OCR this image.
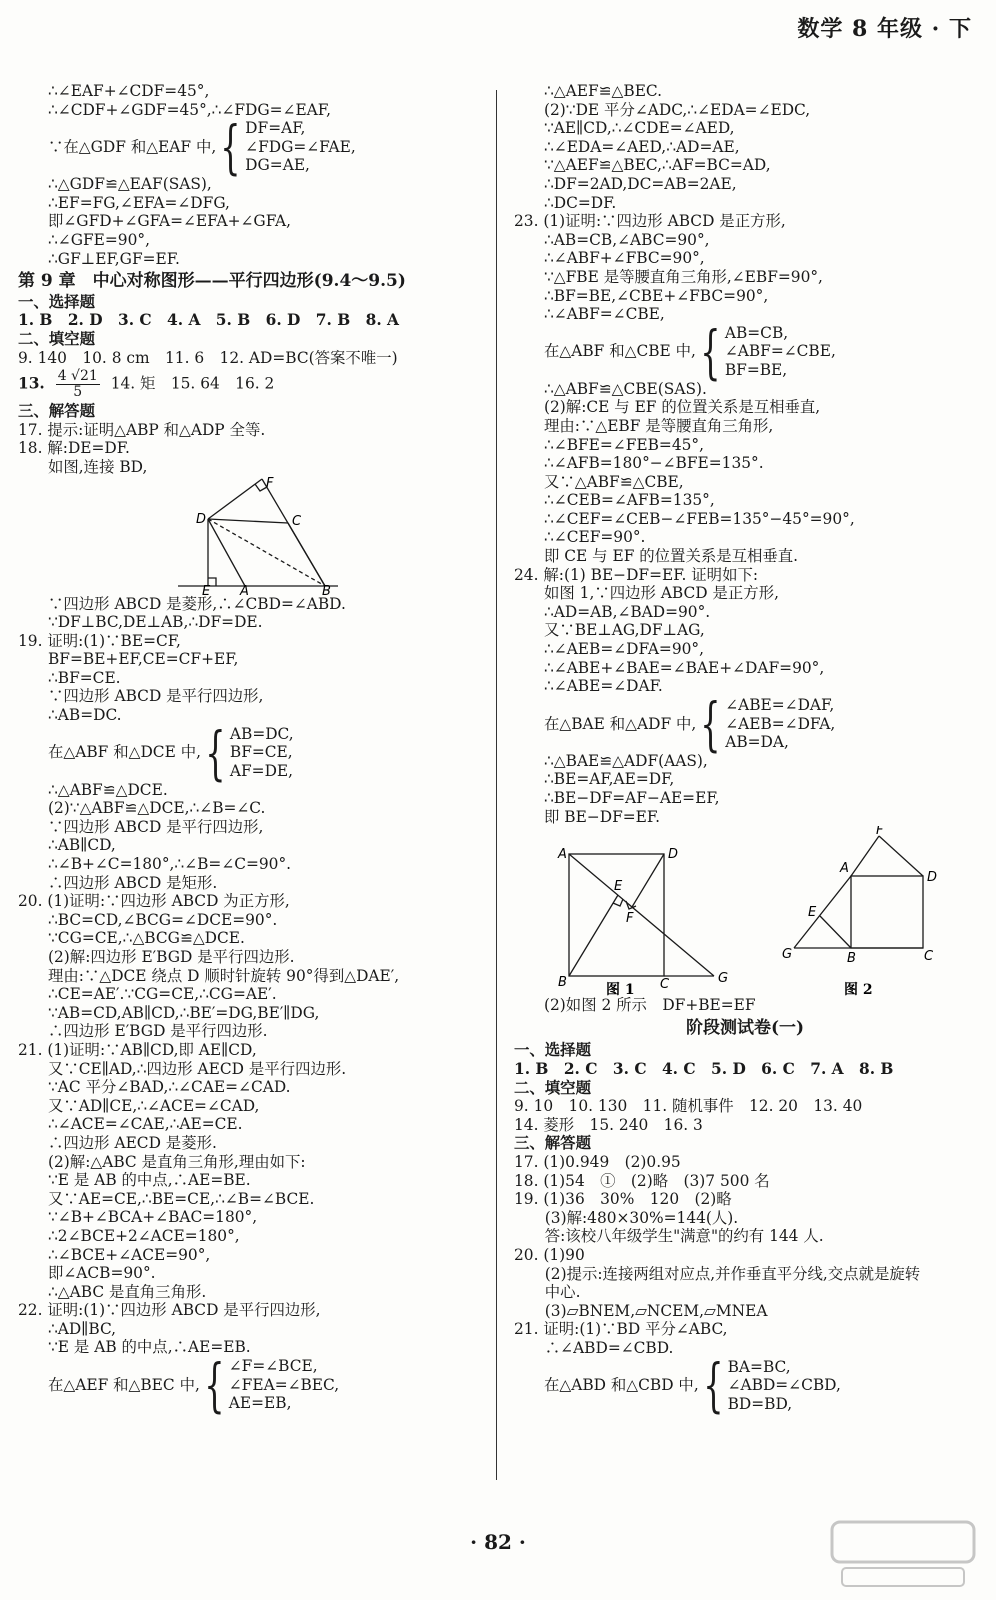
数学 8 年级 · 下
∴∠EAF+∠CDF=45°,
∴∠CDF+∠GDF=45°,∴∠FDG=∠EAF,
∵在△GDF 和△EAF 中, { DF=AF,
∠FDG=∠FAE,
DG=AE,
∴△GDF≌△EAF(SAS),
∴EF=FG,∠EFA=∠DFG,
即∠GFD+∠GFA=∠EFA+∠GFA,
∴∠GFE=90°,
∴GF⊥EF,GF=EF.
第 9 章　中心对称图形——平行四边形(9.4～9.5)
一、选择题
1. B　2. D　3. C　4. A　5. B　6. D　7. B　8. A
二、填空题
9. 140　10. 8 cm　11. 6　12. AD=BC(答案不唯一)
13. $\frac{4 √21}{5} 14$. 矩　15. 64　16. 2
三、解答题
17. 提示:证明△ABP 和△ADP 全等.
18. 解:DE=DF.
如图,连接 BD,
F
D	C
E A	B
∵四边形 ABCD 是菱形,∴∠CBD=∠ABD.
∵DF⊥BC,DE⊥AB,∴DF=DE.
19. 证明:(1)∵BE=CF,
BF=BE+EF,CE=CF+EF,
∴BF=CE.
∵四边形 ABCD 是平行四边形,
∴AB=DC.
在△ABF 和△DCE 中, { AB=DC,
BF=CE,
AF=DE,
∴△ABF≌△DCE.
(2)∵△ABF≌△DCE,∴∠B=∠C.
∵四边形 ABCD 是平行四边形,
∴AB∥CD,
∴∠B+∠C=180°,∴∠B=∠C=90°.
∴四边形 ABCD 是矩形.
20. (1)证明:∵四边形 ABCD 为正方形,
∴BC=CD,∠BCG=∠DCE=90°.
∵CG=CE,∴△BCG≌△DCE.
(2)解:四边形 E′BGD 是平行四边形.
理由:∵△DCE 绕点 D 顺时针旋转 90°得到△DAE′,
∴CE=AE′.∵CG=CE,∴CG=AE′.
∵AB=CD,AB∥CD,∴BE′=DG,BE′∥DG,
∴四边形 E′BGD 是平行四边形.
21. (1)证明:∵AB∥CD,即 AE∥CD,
又∵CE∥AD,∴四边形 AECD 是平行四边形.
∵AC 平分∠BAD,∴∠CAE=∠CAD.
又∵AD∥CE,∴∠ACE=∠CAD,
∴∠ACE=∠CAE,∴AE=CE.
∴四边形 AECD 是菱形.
(2)解:△ABC 是直角三角形,理由如下:
∵E 是 AB 的中点,∴AE=BE.
又∵AE=CE,∴BE=CE,∴∠B=∠BCE.
∵∠B+∠BCA+∠BAC=180°,
∴2∠BCE+2∠ACE=180°,
∴∠BCE+∠ACE=90°,
即∠ACB=90°.
∴△ABC 是直角三角形.
22. 证明:(1)∵四边形 ABCD 是平行四边形,
∴AD∥BC,
∵E 是 AB 的中点,∴AE=EB.
在△AEF 和△BEC 中, { ∠F=∠BCE,
∠FEA=∠BEC,
AE=EB,
∴△AEF≌△BEC.
(2)∵DE 平分∠ADC,∴∠EDA=∠EDC,
∵AE∥CD,∴∠CDE=∠AED,
∴∠EDA=∠AED,∴AD=AE,
∵△AEF≌△BEC,∴AF=BC=AD,
∴DF=2AD,DC=AB=2AE,
∴DC=DF.
23. (1)证明:∵四边形 ABCD 是正方形,
∴AB=CB,∠ABC=90°,
∴∠ABF+∠FBC=90°,
∵△FBE 是等腰直角三角形,∠EBF=90°,
∴BF=BE,∠CBE+∠FBC=90°,
∴∠ABF=∠CBE,
在△ABF 和△CBE 中, { AB=CB,
∠ABF=∠CBE,
BF=BE,
∴△ABF≌△CBE(SAS).
(2)解:CE 与 EF 的位置关系是互相垂直,
理由:∵△EBF 是等腰直角三角形,
∴∠BFE=∠FEB=45°,
∴∠AFB=180°−∠BFE=135°.
又∵△ABF≌△CBE,
∴∠CEB=∠AFB=135°,
∴∠CEF=∠CEB−∠FEB=135°−45°=90°,
∴∠CEF=90°.
即 CE 与 EF 的位置关系是互相垂直.
24. 解:(1) BE−DF=EF. 证明如下:
如图 1,∵四边形 ABCD 是正方形,
∴AD=AB,∠BAD=90°.
又∵BE⊥AG,DF⊥AG,
∴∠AEB=∠DFA=90°,
∴∠ABE+∠BAE=∠BAE+∠DAF=90°,
∴∠ABE=∠DAF.
在△BAE 和△ADF 中, { ∠ABE=∠DAF,
∠AEB=∠DFA,
AB=DA,
∴△BAE≌△ADF(AAS),
∴BE=AF,AE=DF,
∴BE−DF=AF−AE=EF,
即 BE−DF=EF.
A	D
E
F
B	C	G
F
A
D
E
G	B	C
图 1	图 2
(2)如图 2 所示　DF+BE=EF
阶段测试卷(一)
一、选择题
1. B　2. C　3. C　4. C　5. D　6. C　7. A　8. B
二、填空题
9. 10　10. 130　11. 随机事件　12. 20　13. 40
14. 菱形　15. 240　16. 3
三、解答题
17. (1)0.949　(2)0.95
18. (1)54　①　(2)略　(3)7 500 名
19. (1)36　30%　120　(2)略
　　(3)解:480×30%=144(人).
　　答:该校八年级学生"满意"的约有 144 人.
20. (1)90
　　(2)提示:连接两组对应点,并作垂直平分线,交点就是旋转
　　中心.
　　(3)▱BNEM,▱NCEM,▱MNEA
21. 证明:(1)∵BD 平分∠ABC,
　　∴∠ABD=∠CBD.
在△ABD 和△CBD 中, { BA=BC,
∠ABD=∠CBD,
BD=BD,
· 82 ·
